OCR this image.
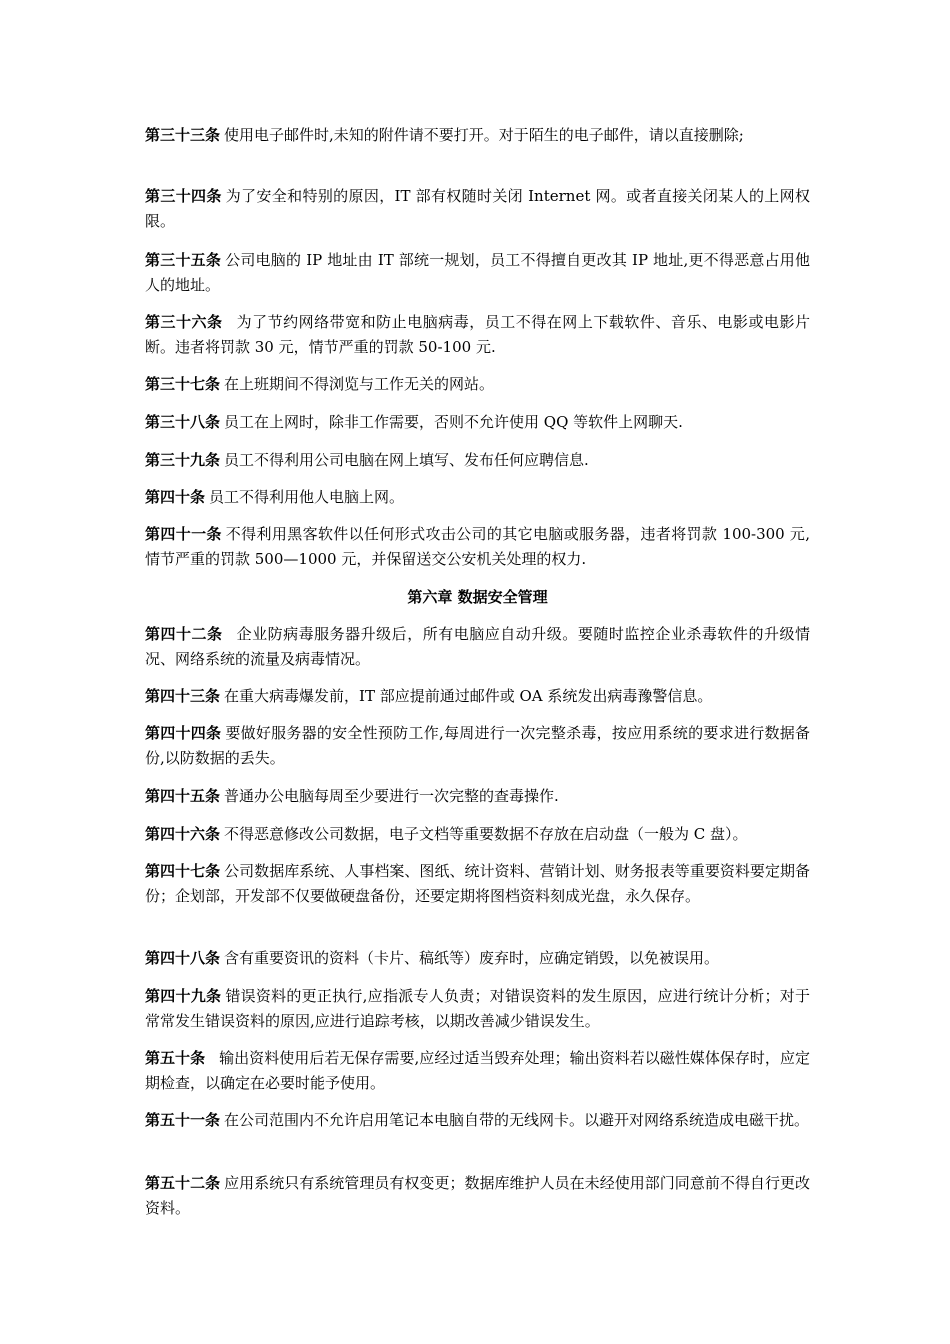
第三十三条 使用电子邮件时,未知的附件请不要打开。对于陌生的电子邮件，请以直接删除;

第三十四条 为了安全和特别的原因，IT 部有权随时关闭 Internet 网。或者直接关闭某人的上网权限。

第三十五条 公司电脑的 IP 地址由 IT 部统一规划，员工不得擅自更改其 IP 地址,更不得恶意占用他人的地址。

第三十六条 为了节约网络带宽和防止电脑病毒，员工不得在网上下载软件、音乐、电影或电影片断。违者将罚款 30 元，情节严重的罚款 50-100 元.

第三十七条 在上班期间不得浏览与工作无关的网站。

第三十八条 员工在上网时，除非工作需要，否则不允许使用 QQ 等软件上网聊天.

第三十九条 员工不得利用公司电脑在网上填写、发布任何应聘信息.

第四十条 员工不得利用他人电脑上网。

第四十一条 不得利用黑客软件以任何形式攻击公司的其它电脑或服务器，违者将罚款 100-300 元,情节严重的罚款 500—1000 元，并保留送交公安机关处理的权力.

第六章 数据安全管理

第四十二条 企业防病毒服务器升级后，所有电脑应自动升级。要随时监控企业杀毒软件的升级情况、网络系统的流量及病毒情况。

第四十三条 在重大病毒爆发前，IT 部应提前通过邮件或 OA 系统发出病毒豫警信息。

第四十四条 要做好服务器的安全性预防工作,每周进行一次完整杀毒，按应用系统的要求进行数据备份,以防数据的丢失。

第四十五条 普通办公电脑每周至少要进行一次完整的查毒操作.

第四十六条 不得恶意修改公司数据，电子文档等重要数据不存放在启动盘（一般为 C 盘）。

第四十七条 公司数据库系统、人事档案、图纸、统计资料、营销计划、财务报表等重要资料要定期备份；企划部，开发部不仅要做硬盘备份，还要定期将图档资料刻成光盘，永久保存。

第四十八条 含有重要资讯的资料（卡片、稿纸等）废弃时，应确定销毁，以免被误用。

第四十九条 错误资料的更正执行,应指派专人负责；对错误资料的发生原因，应进行统计分析；对于常常发生错误资料的原因,应进行追踪考核，以期改善减少错误发生。

第五十条 输出资料使用后若无保存需要,应经过适当毁弃处理；输出资料若以磁性媒体保存时，应定期检查，以确定在必要时能予使用。

第五十一条 在公司范围内不允许启用笔记本电脑自带的无线网卡。以避开对网络系统造成电磁干扰。

第五十二条 应用系统只有系统管理员有权变更；数据库维护人员在未经使用部门同意前不得自行更改资料。
